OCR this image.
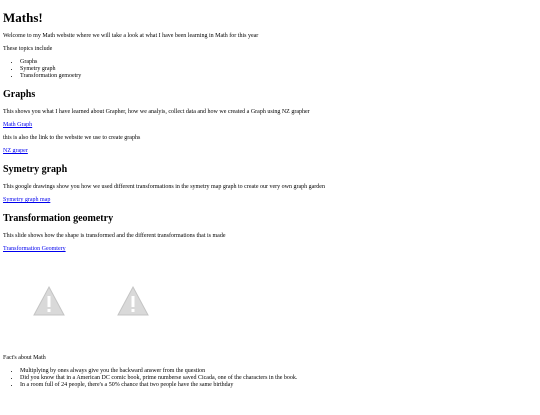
Maths!

Welcome to my Math website where we will take a look at what I have been learning in Math for this year

These topics include

• Graphs
• Symetry graph
• Transformation gemoetry
Graphs

This shows you what I have learned about Grapher, how we analyis, collect data and how we created a Graph using NZ grapher

Math Graph

this is also the link to the website we use to create graphs

NZ graper

Symetry graph

This google drawings show you how we used different transformations in the symetry map graph to create our very own graph garden

Symetry graph map

Transformation geometry

This slide shows how the shape is transformed and the different transformations that is made

Transformation Geomtery

Fact's about Math

• Multiplying by ones always give you the backward answer from the question
• Did you know that in a American DC comic book, prime numberse saved Cicada, one of the characters in the book.
• In a room full of 24 people, there's a 50% chance that two people have the same birthday
